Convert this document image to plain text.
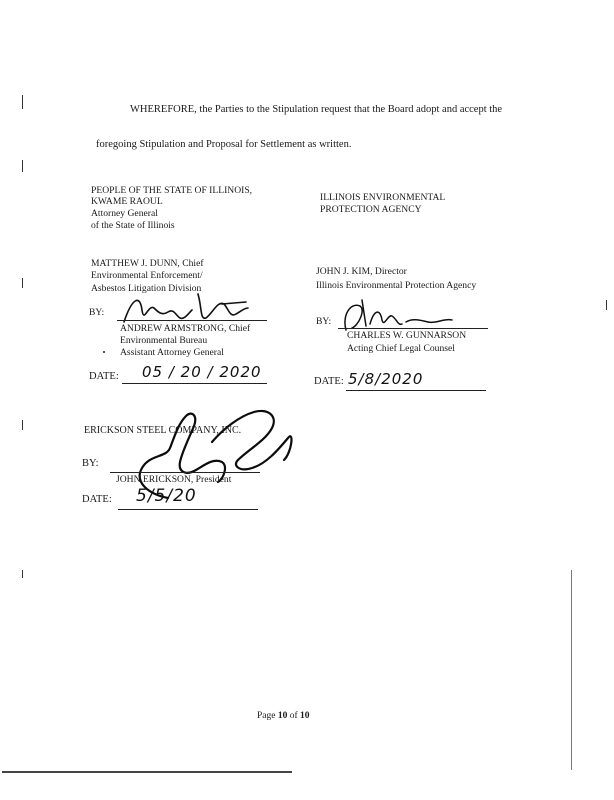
WHEREFORE, the Parties to the Stipulation request that the Board adopt and accept the
foregoing Stipulation and Proposal for Settlement as written.
PEOPLE OF THE STATE OF ILLINOIS,
KWAME RAOUL
Attorney General
of the State of Illinois
MATTHEW J. DUNN, Chief
Environmental Enforcement/
Asbestos Litigation Division
BY:
ANDREW ARMSTRONG, Chief
Environmental Bureau
Assistant Attorney General
DATE: 05 / 20 / 2020
ILLINOIS ENVIRONMENTAL
PROTECTION AGENCY
JOHN J. KIM, Director
Illinois Environmental Protection Agency
BY:
CHARLES W. GUNNARSON
Acting Chief Legal Counsel
DATE: 5/8/2020
ERICKSON STEEL COMPANY, INC.
BY:
JOHN ERICKSON, President
DATE: 5/5/20
Page 10 of 10
